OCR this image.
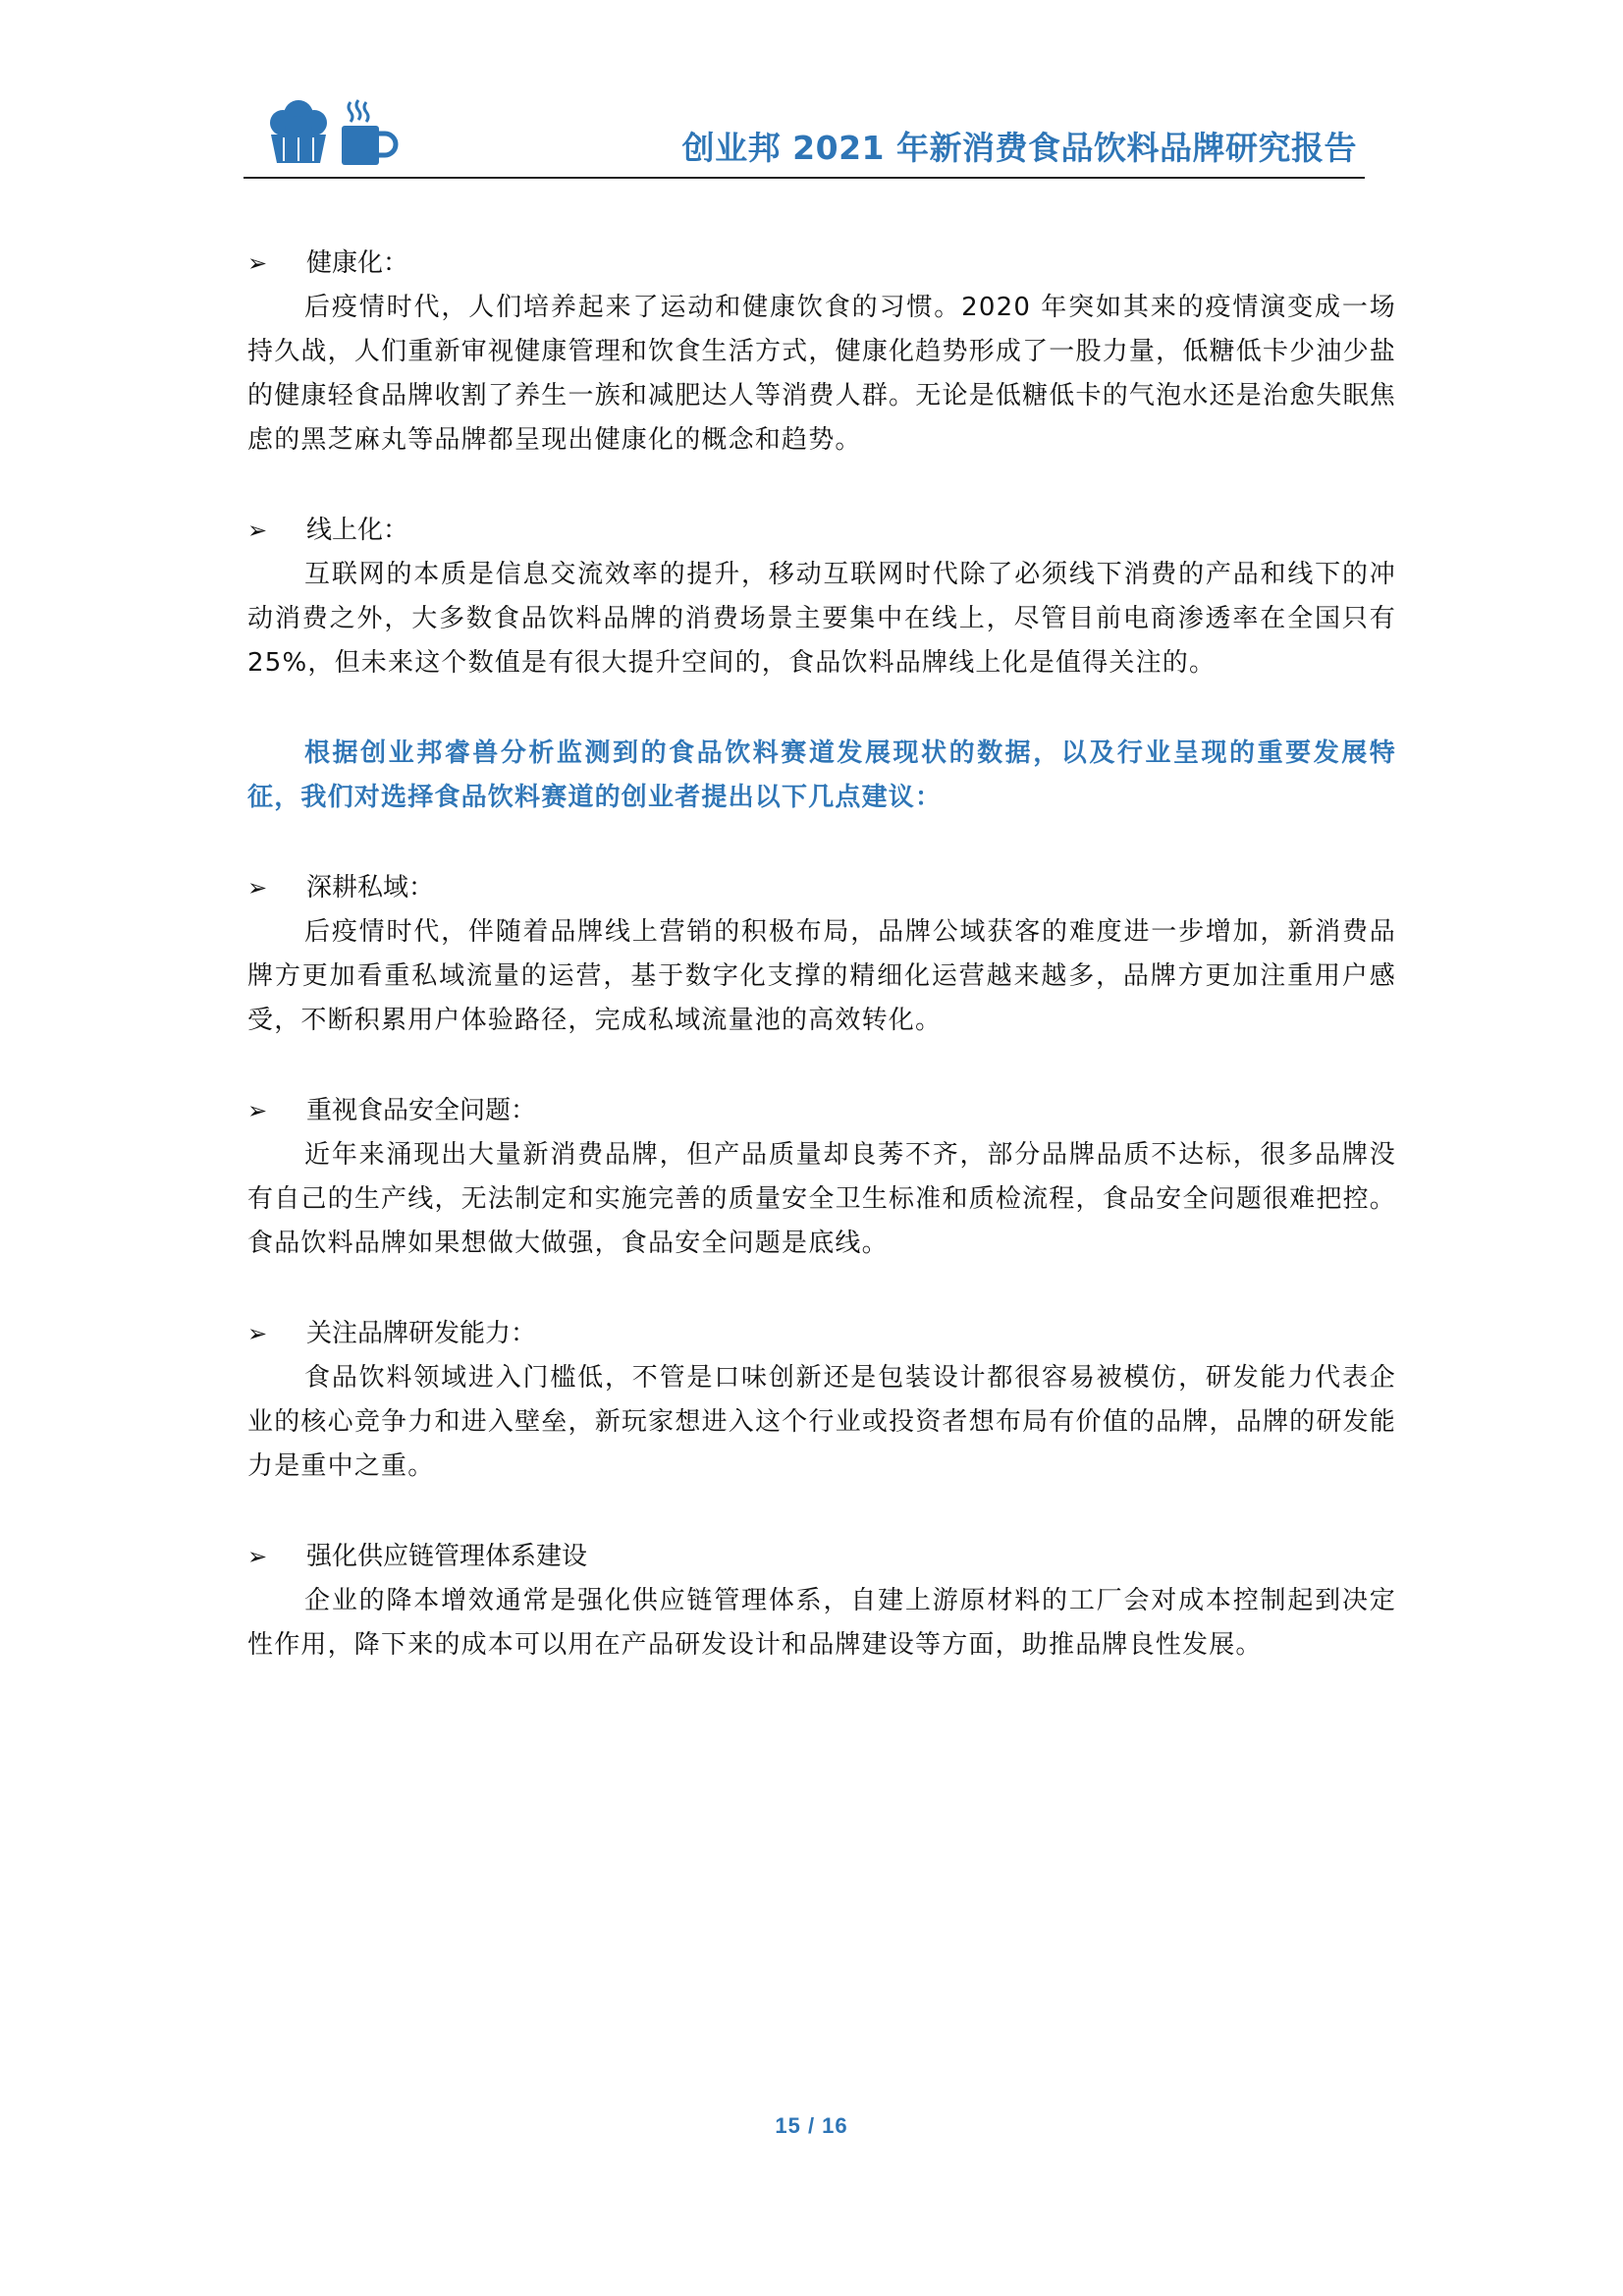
创业邦 2021 年新消费食品饮料品牌研究报告
➢	健康化：

后疫情时代，人们培养起来了运动和健康饮食的习惯。2020 年突如其来的疫情演变成一场持久战，人们重新审视健康管理和饮食生活方式，健康化趋势形成了一股力量，低糖低卡少油少盐的健康轻食品牌收割了养生一族和减肥达人等消费人群。无论是低糖低卡的气泡水还是治愈失眠焦虑的黑芝麻丸等品牌都呈现出健康化的概念和趋势。

➢	线上化：

互联网的本质是信息交流效率的提升，移动互联网时代除了必须线下消费的产品和线下的冲动消费之外，大多数食品饮料品牌的消费场景主要集中在线上，尽管目前电商渗透率在全国只有 25%，但未来这个数值是有很大提升空间的，食品饮料品牌线上化是值得关注的。

根据创业邦睿兽分析监测到的食品饮料赛道发展现状的数据，以及行业呈现的重要发展特征，我们对选择食品饮料赛道的创业者提出以下几点建议：

➢	深耕私域：

后疫情时代，伴随着品牌线上营销的积极布局，品牌公域获客的难度进一步增加，新消费品牌方更加看重私域流量的运营，基于数字化支撑的精细化运营越来越多，品牌方更加注重用户感受，不断积累用户体验路径，完成私域流量池的高效转化。

➢	重视食品安全问题：

近年来涌现出大量新消费品牌，但产品质量却良莠不齐，部分品牌品质不达标，很多品牌没有自己的生产线，无法制定和实施完善的质量安全卫生标准和质检流程，食品安全问题很难把控。食品饮料品牌如果想做大做强，食品安全问题是底线。

➢	关注品牌研发能力：

食品饮料领域进入门槛低，不管是口味创新还是包装设计都很容易被模仿，研发能力代表企业的核心竞争力和进入壁垒，新玩家想进入这个行业或投资者想布局有价值的品牌，品牌的研发能力是重中之重。

➢	强化供应链管理体系建设

企业的降本增效通常是强化供应链管理体系，自建上游原材料的工厂会对成本控制起到决定性作用，降下来的成本可以用在产品研发设计和品牌建设等方面，助推品牌良性发展。

15 / 16
